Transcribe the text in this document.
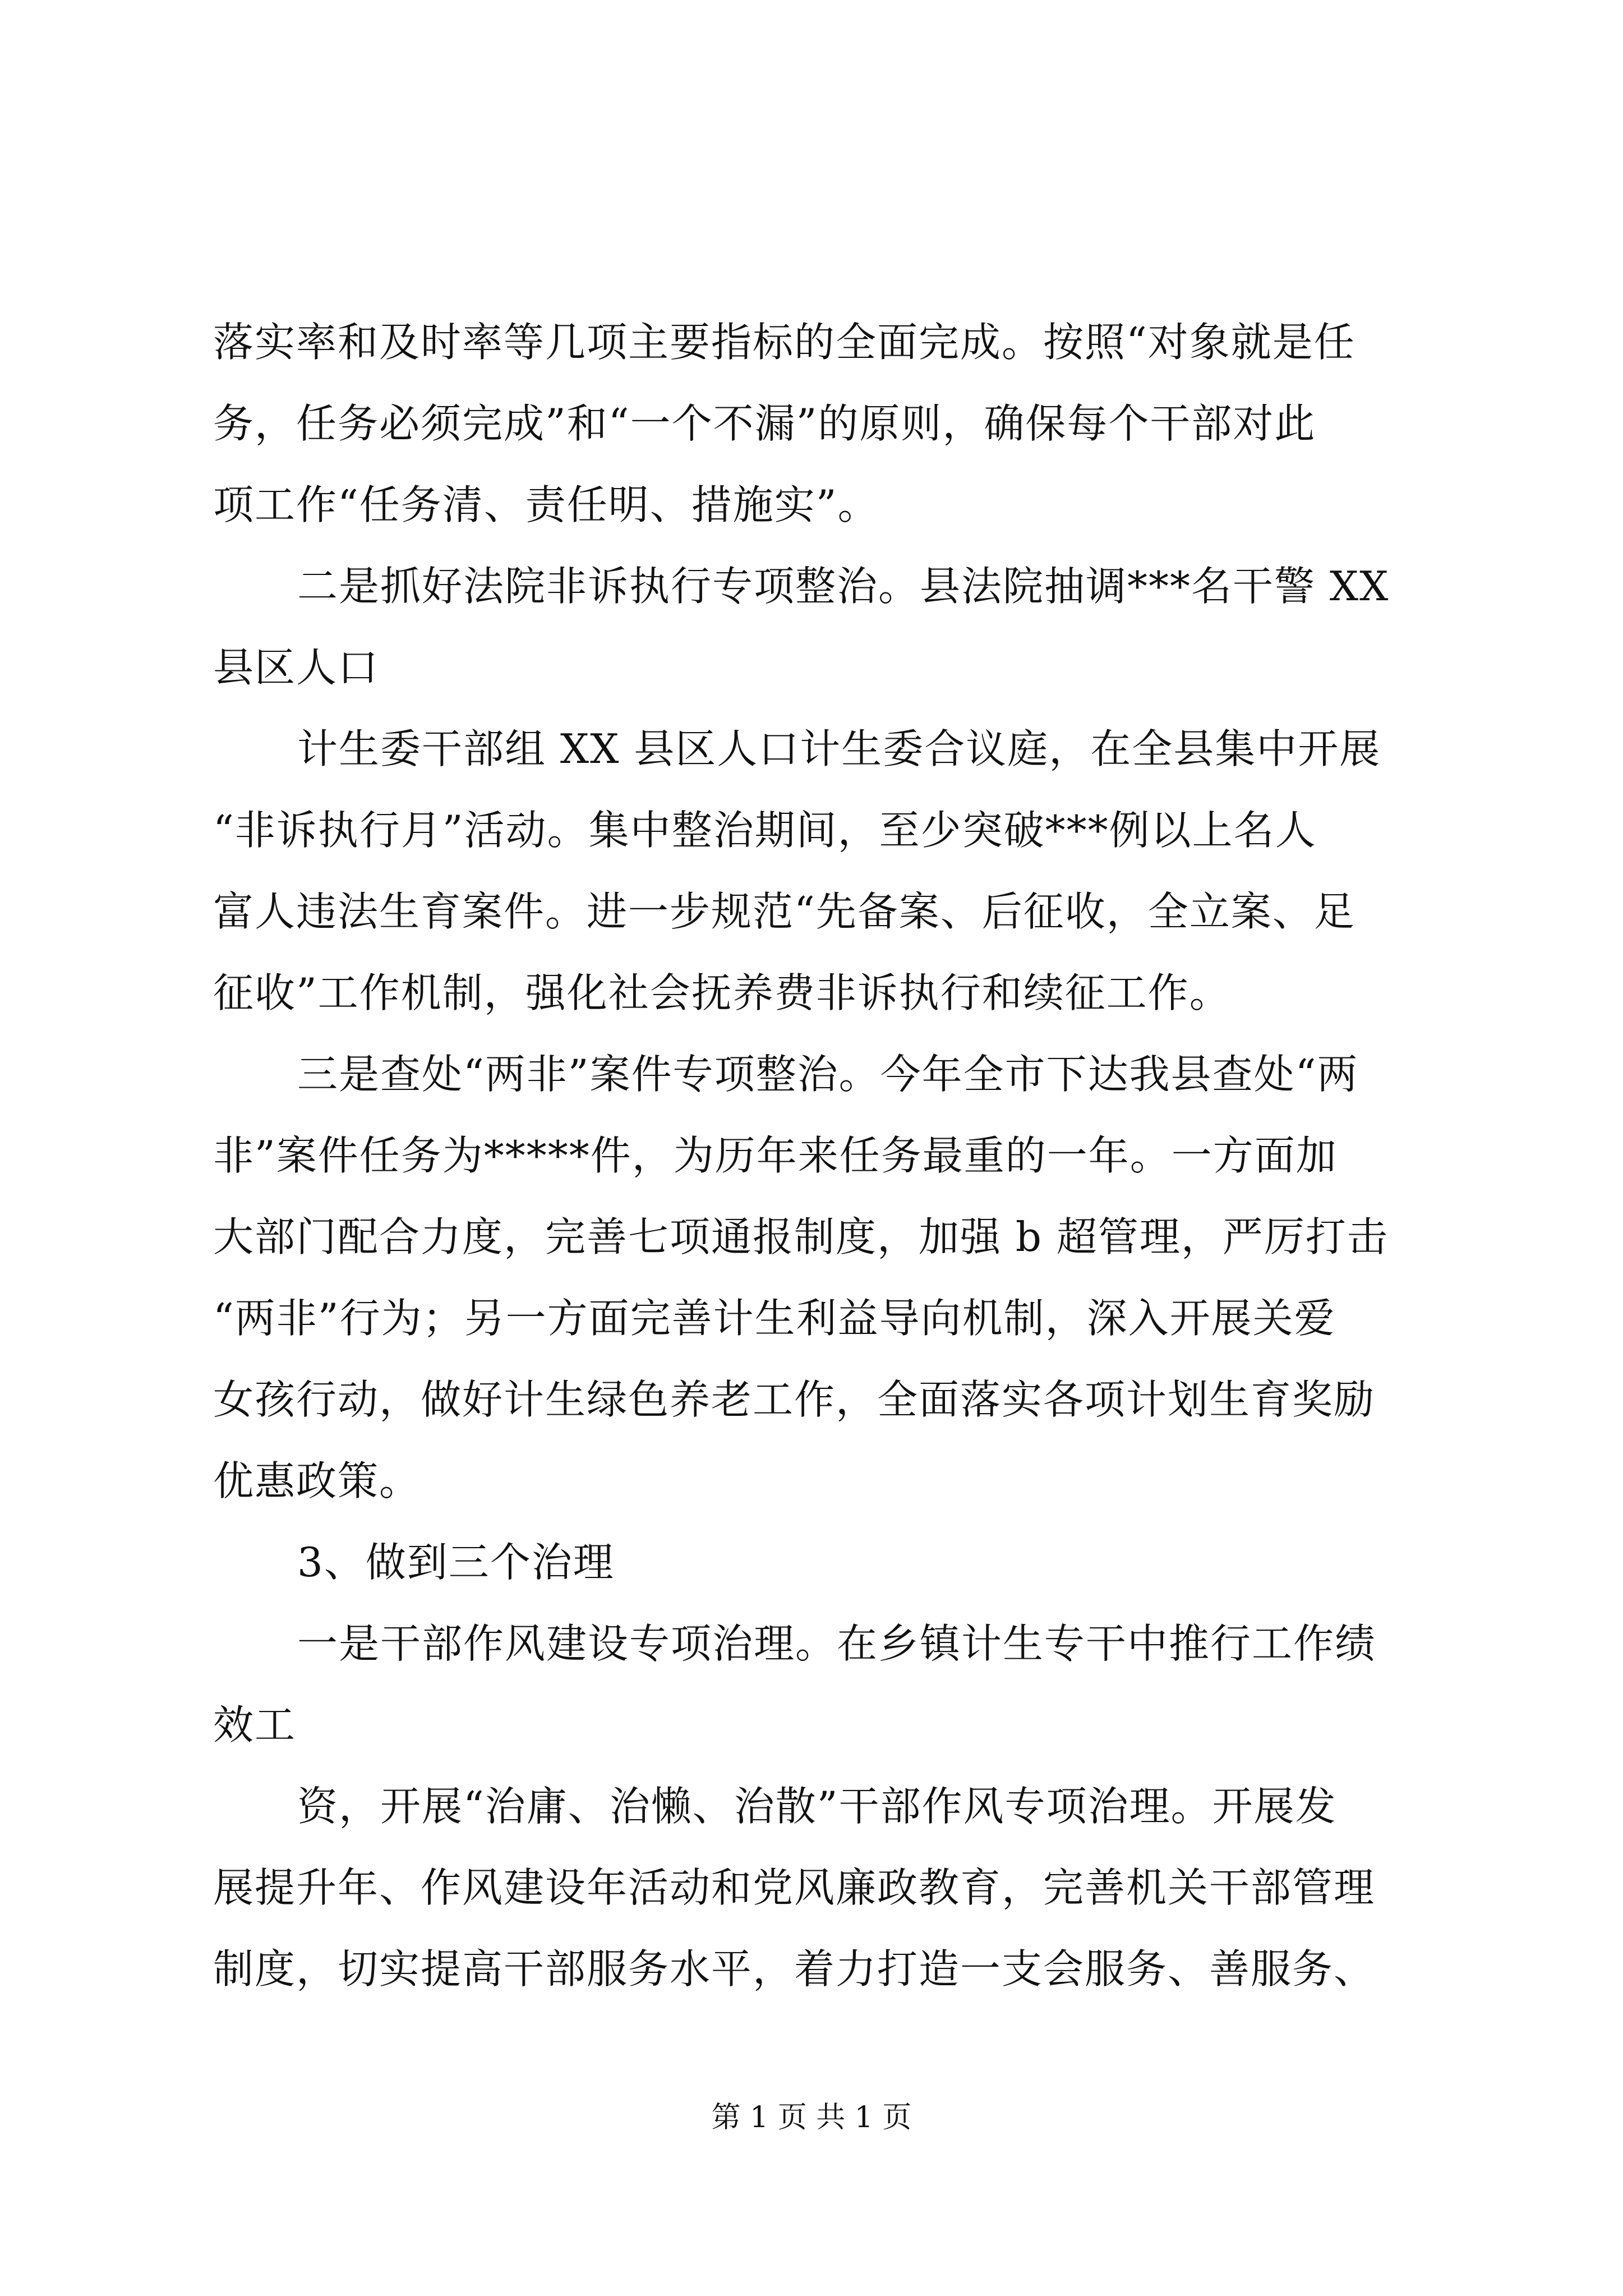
落实率和及时率等几项主要指标的全面完成。按照“对象就是任
务，任务必须完成”和“一个不漏”的原则，确保每个干部对此
项工作“任务清、责任明、措施实”。
二是抓好法院非诉执行专项整治。县法院抽调***名干警 XX
县区人口
计生委干部组 XX 县区人口计生委合议庭，在全县集中开展
“非诉执行月”活动。集中整治期间，至少突破***例以上名人
富人违法生育案件。进一步规范“先备案、后征收，全立案、足
征收”工作机制，强化社会抚养费非诉执行和续征工作。
三是查处“两非”案件专项整治。今年全市下达我县查处“两
非”案件任务为*****件，为历年来任务最重的一年。一方面加
大部门配合力度，完善七项通报制度，加强 b 超管理，严厉打击
“两非”行为；另一方面完善计生利益导向机制，深入开展关爱
女孩行动，做好计生绿色养老工作，全面落实各项计划生育奖励
优惠政策。
3、做到三个治理
一是干部作风建设专项治理。在乡镇计生专干中推行工作绩
效工
资，开展“治庸、治懒、治散”干部作风专项治理。开展发
展提升年、作风建设年活动和党风廉政教育，完善机关干部管理
制度，切实提高干部服务水平，着力打造一支会服务、善服务、
第 1 页 共 1 页
